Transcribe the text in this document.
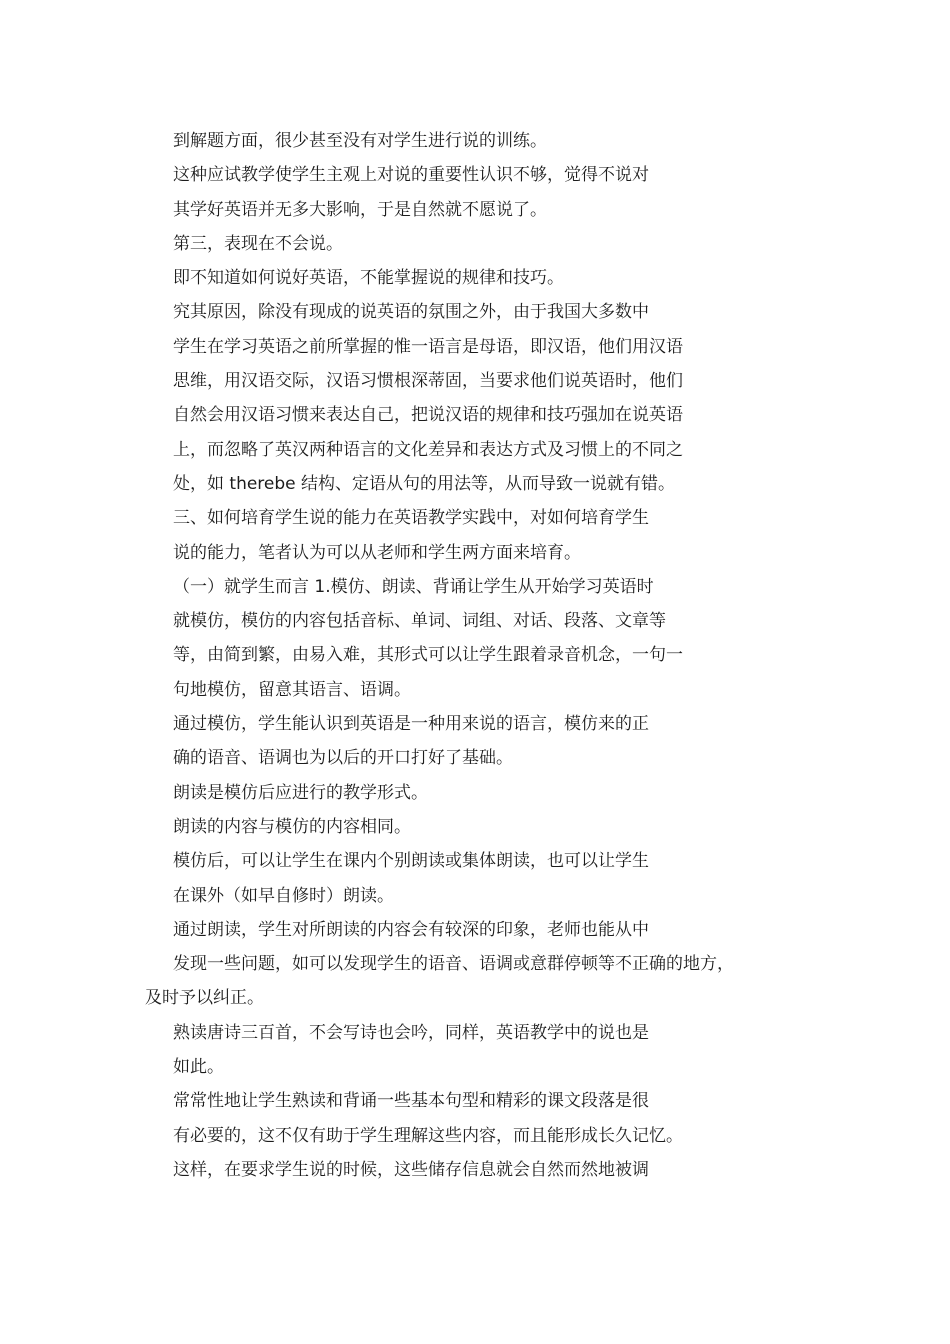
到解题方面，很少甚至没有对学生进行说的训练。
这种应试教学使学生主观上对说的重要性认识不够，觉得不说对
其学好英语并无多大影响，于是自然就不愿说了。
第三，表现在不会说。
即不知道如何说好英语，不能掌握说的规律和技巧。
究其原因，除没有现成的说英语的氛围之外，由于我国大多数中
学生在学习英语之前所掌握的惟一语言是母语，即汉语，他们用汉语
思维，用汉语交际，汉语习惯根深蒂固，当要求他们说英语时，他们
自然会用汉语习惯来表达自己，把说汉语的规律和技巧强加在说英语
上，而忽略了英汉两种语言的文化差异和表达方式及习惯上的不同之
处，如 therebe 结构、定语从句的用法等，从而导致一说就有错。
三、如何培育学生说的能力在英语教学实践中，对如何培育学生
说的能力，笔者认为可以从老师和学生两方面来培育。
（一）就学生而言 1.模仿、朗读、背诵让学生从开始学习英语时
就模仿，模仿的内容包括音标、单词、词组、对话、段落、文章等
等，由简到繁，由易入难，其形式可以让学生跟着录音机念，一句一
句地模仿，留意其语言、语调。
通过模仿，学生能认识到英语是一种用来说的语言，模仿来的正
确的语音、语调也为以后的开口打好了基础。
朗读是模仿后应进行的教学形式。
朗读的内容与模仿的内容相同。
模仿后，可以让学生在课内个别朗读或集体朗读，也可以让学生
在课外（如早自修时）朗读。
通过朗读，学生对所朗读的内容会有较深的印象，老师也能从中
发现一些问题，如可以发现学生的语音、语调或意群停顿等不正确的地方，
及时予以纠正。
熟读唐诗三百首，不会写诗也会吟，同样，英语教学中的说也是
如此。
常常性地让学生熟读和背诵一些基本句型和精彩的课文段落是很
有必要的，这不仅有助于学生理解这些内容，而且能形成长久记忆。
这样，在要求学生说的时候，这些储存信息就会自然而然地被调
